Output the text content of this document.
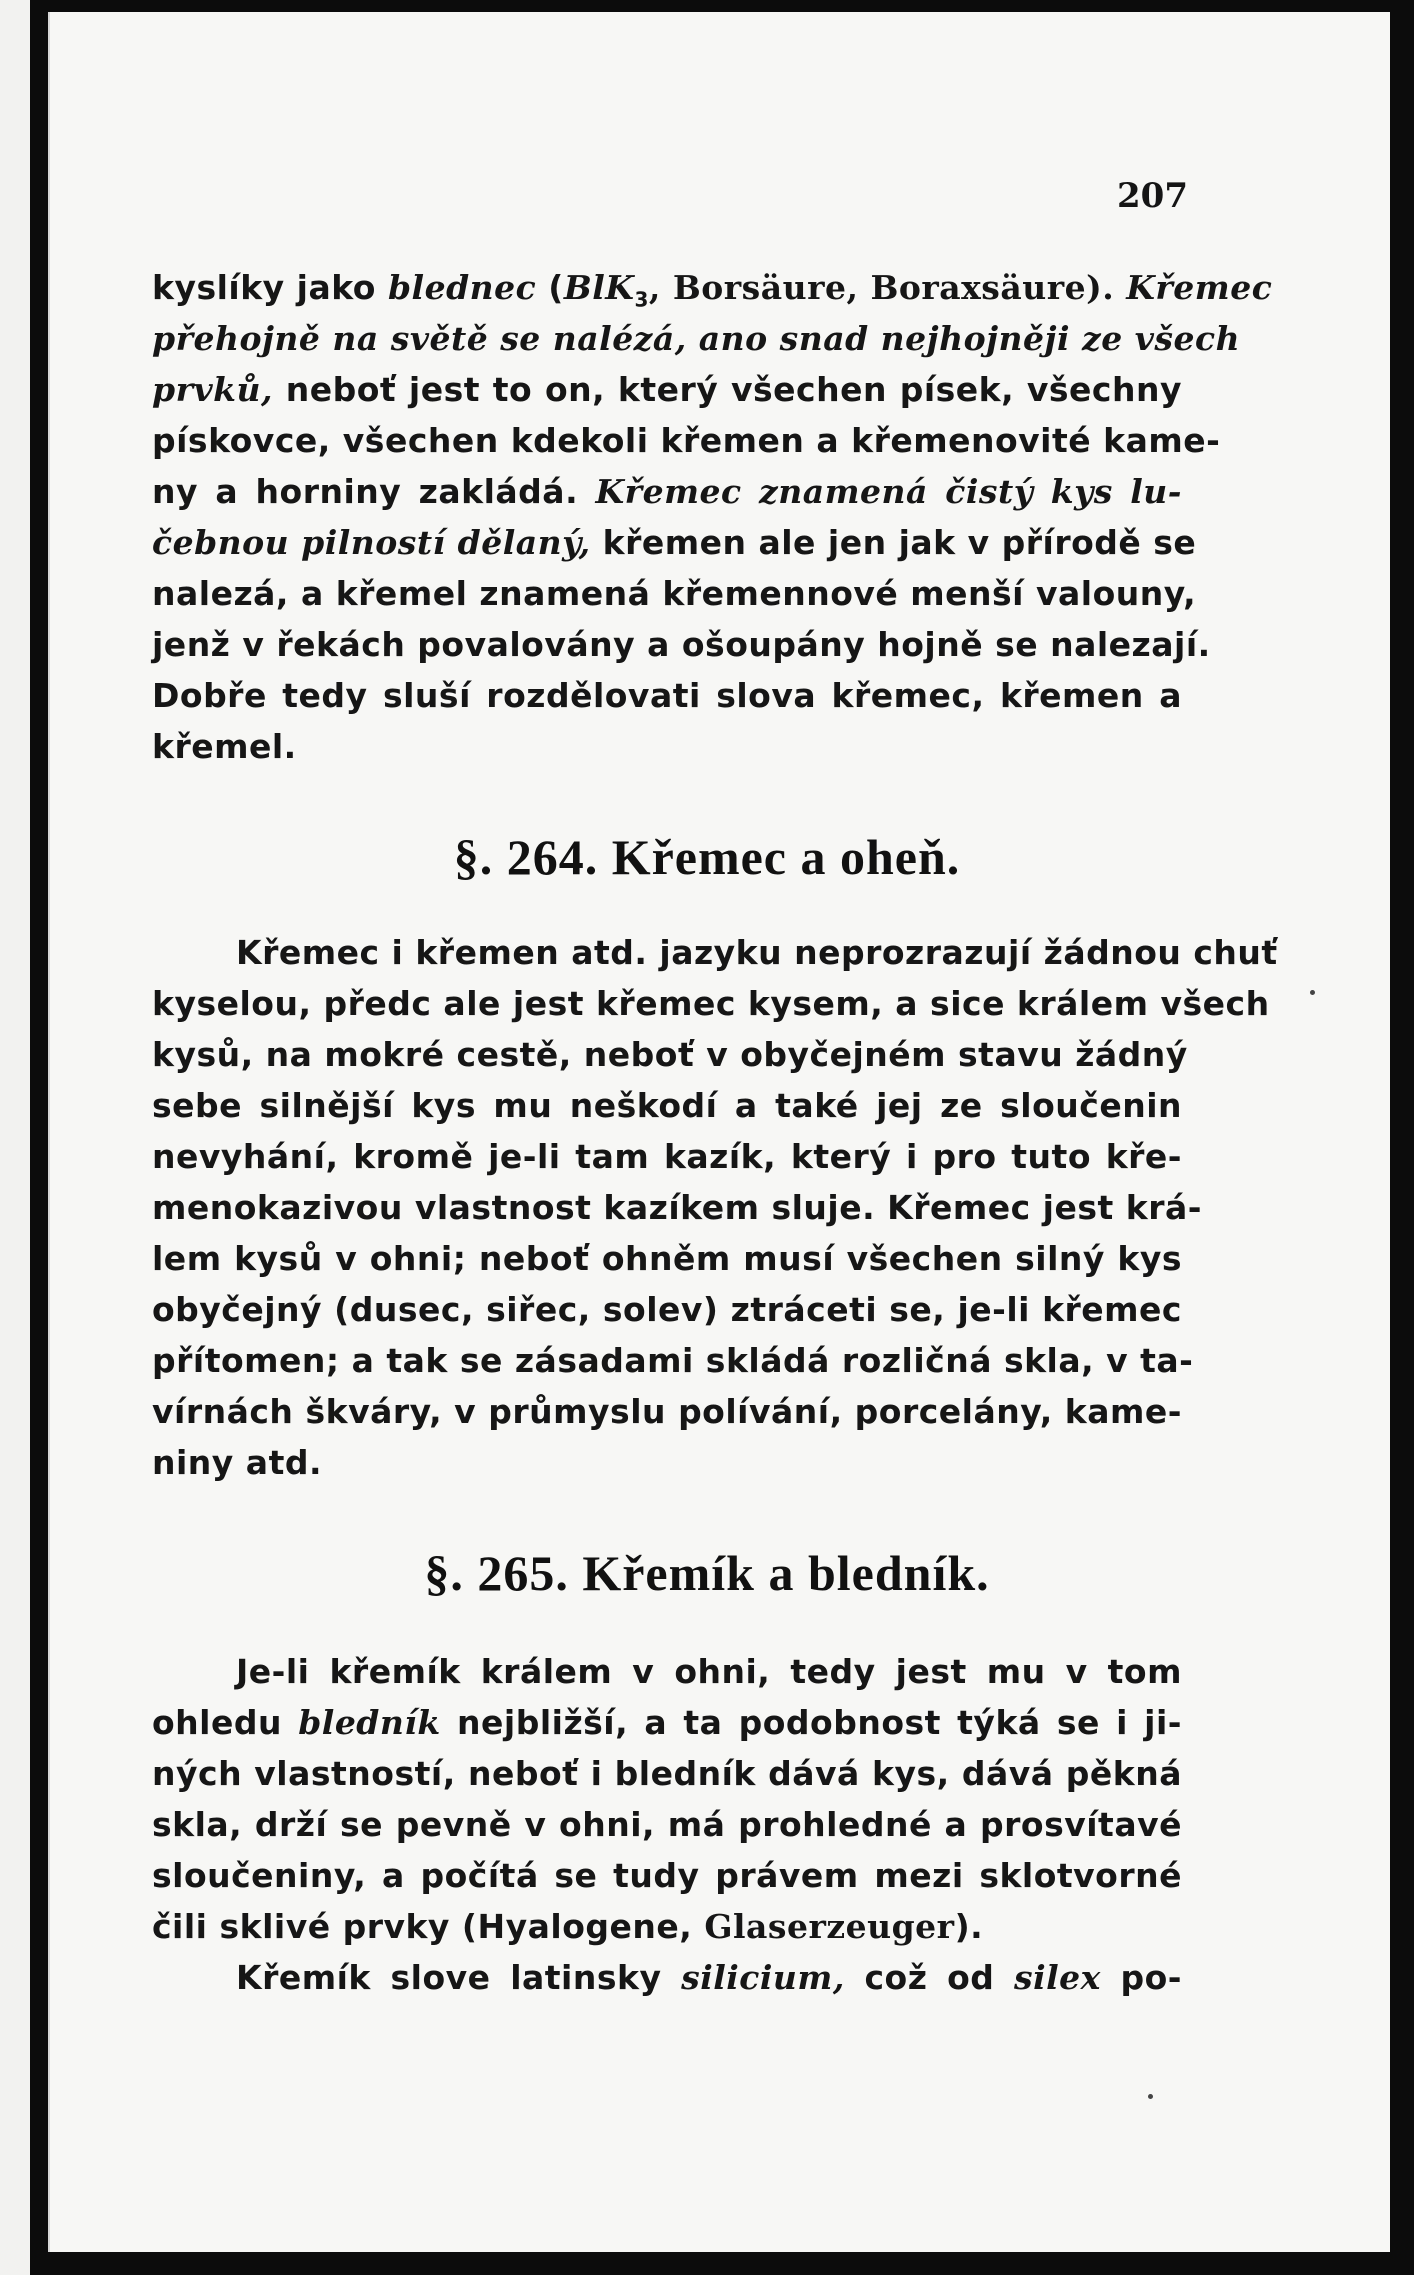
207
kyslíky jako blednec (BlK$_3$, Borsäure, Boraxsäure). Křemec
přehojně na světě se nalézá, ano snad nejhojněji ze všech
prvků, neboť jest to on, který všechen písek, všechny
pískovce, všechen kdekoli křemen a křemenovité kame-
ny a horniny zakládá. Křemec znamená čistý kys lu-
čebnou pilností dělaný, křemen ale jen jak v přírodě se
nalezá, a křemel znamená křemennové menší valouny,
jenž v řekách povalovány a ošoupány hojně se nalezají.
Dobře tedy sluší rozdělovati slova křemec, křemen a
křemel.
§. 264. Křemec a oheň.
Křemec i křemen atd. jazyku neprozrazují žádnou chuť
kyselou, předc ale jest křemec kysem, a sice králem všech
kysů, na mokré cestě, neboť v obyčejném stavu žádný
sebe silnější kys mu neškodí a také jej ze sloučenin
nevyhání, kromě je-li tam kazík, který i pro tuto kře-
menokazivou vlastnost kazíkem sluje. Křemec jest krá-
lem kysů v ohni; neboť ohněm musí všechen silný kys
obyčejný (dusec, siřec, solev) ztráceti se, je-li křemec
přítomen; a tak se zásadami skládá rozličná skla, v ta-
vírnách škváry, v průmyslu polívání, porcelány, kame-
niny atd.
§. 265. Křemík a bledník.
Je-li křemík králem v ohni, tedy jest mu v tom
ohledu bledník nejbližší, a ta podobnost týká se i ji-
ných vlastností, neboť i bledník dává kys, dává pěkná
skla, drží se pevně v ohni, má prohledné a prosvítavé
sloučeniny, a počítá se tudy právem mezi sklotvorné
čili sklivé prvky (Hyalogene, Glaserzeuger).
Křemík slove latinsky silicium, což od silex po-
